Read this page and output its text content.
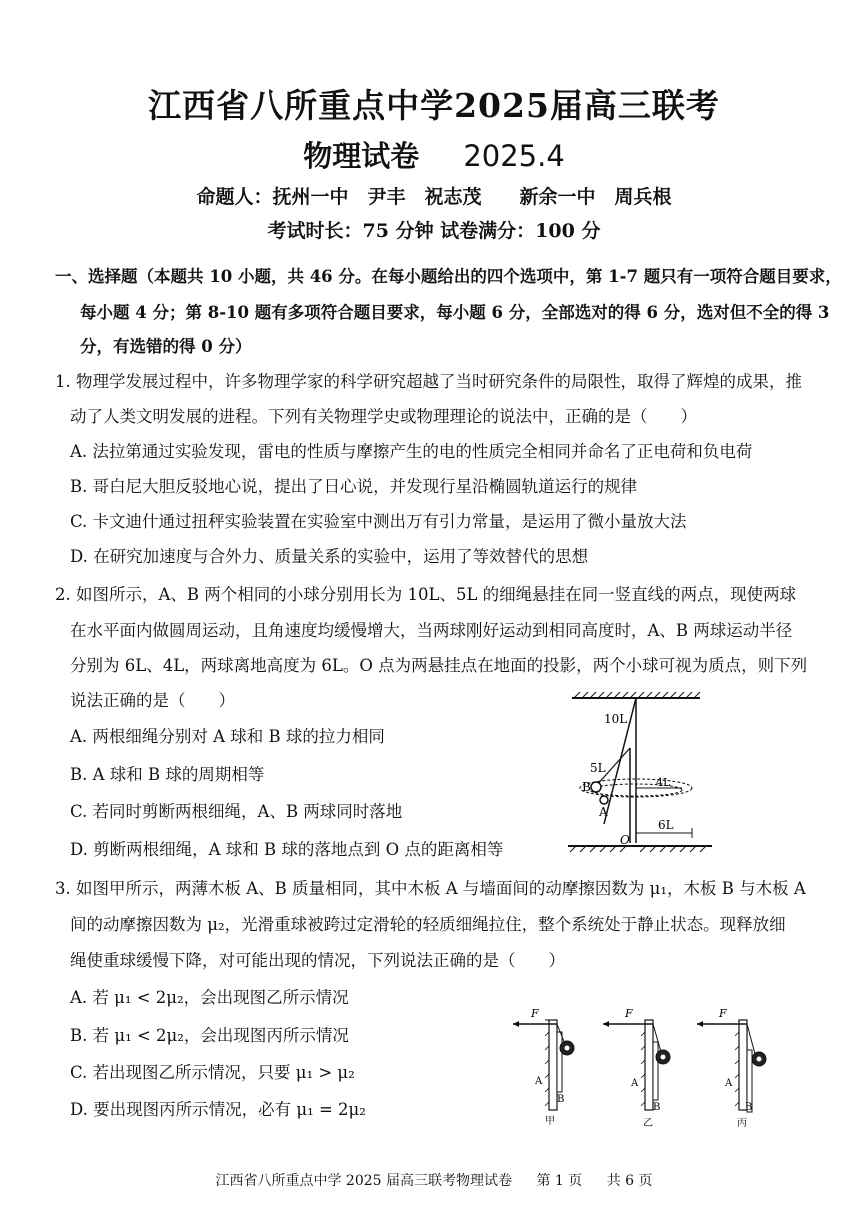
江西省八所重点中学2025届高三联考
物理试卷 2025.4
命题人：抚州一中　尹丰　祝志茂　　新余一中　周兵根
考试时长：75 分钟 试卷满分：100 分
一、选择题（本题共 10 小题，共 46 分。在每小题给出的四个选项中，第 1-7 题只有一项符合题目要求，
每小题 4 分；第 8-10 题有多项符合题目要求，每小题 6 分，全部选对的得 6 分，选对但不全的得 3
分，有选错的得 0 分）
1. 物理学发展过程中，许多物理学家的科学研究超越了当时研究条件的局限性，取得了辉煌的成果，推
动了人类文明发展的进程。下列有关物理学史或物理理论的说法中，正确的是（　　）
A. 法拉第通过实验发现，雷电的性质与摩擦产生的电的性质完全相同并命名了正电荷和负电荷
B. 哥白尼大胆反驳地心说，提出了日心说，并发现行星沿椭圆轨道运行的规律
C. 卡文迪什通过扭秤实验装置在实验室中测出万有引力常量，是运用了微小量放大法
D. 在研究加速度与合外力、质量关系的实验中，运用了等效替代的思想
2. 如图所示，A、B 两个相同的小球分别用长为 10L、5L 的细绳悬挂在同一竖直线的两点，现使两球
在水平面内做圆周运动，且角速度均缓慢增大，当两球刚好运动到相同高度时，A、B 两球运动半径
分别为 6L、4L，两球离地高度为 6L。O 点为两悬挂点在地面的投影，两个小球可视为质点，则下列
说法正确的是（　　）
A. 两根细绳分别对 A 球和 B 球的拉力相同
B. A 球和 B 球的周期相等
C. 若同时剪断两根细绳，A、B 两球同时落地
D. 剪断两根细绳，A 球和 B 球的落地点到 O 点的距离相等
10L
5L
4L
6L
B
A
O
3. 如图甲所示，两薄木板 A、B 质量相同，其中木板 A 与墙面间的动摩擦因数为 μ₁，木板 B 与木板 A
间的动摩擦因数为 μ₂，光滑重球被跨过定滑轮的轻质细绳拉住，整个系统处于静止状态。现释放细
绳使重球缓慢下降，对可能出现的情况，下列说法正确的是（　　）
A. 若 μ₁ < 2μ₂，会出现图乙所示情况
B. 若 μ₁ < 2μ₂，会出现图丙所示情况
C. 若出现图乙所示情况，只要 μ₁ > μ₂
D. 要出现图丙所示情况，必有 μ₁ = 2μ₂
F
A
B
甲
F
A
B
乙
F
A
B
丙
江西省八所重点中学 2025 届高三联考物理试卷 第 1 页 共 6 页
